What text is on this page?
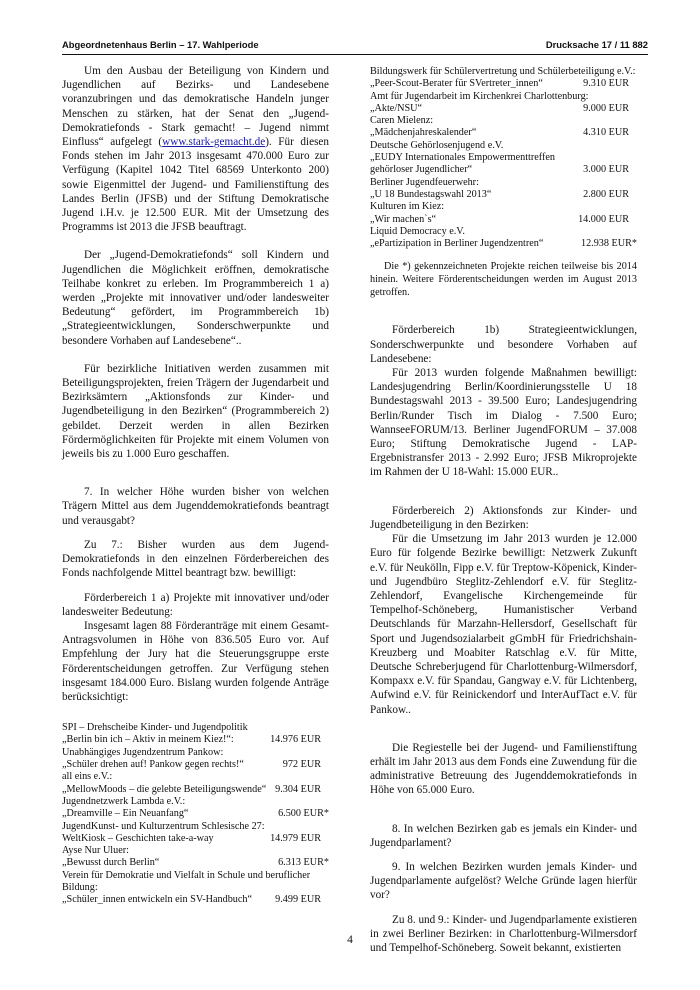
Abgeordnetenhaus Berlin – 17. Wahlperiode	Drucksache 17 / 11 882

Um den Ausbau der Beteiligung von Kindern und Jugendlichen auf Bezirks- und Landesebene voranzubringen und das demokratische Handeln junger Menschen zu stärken, hat der Senat den „Jugend-Demokratiefonds - Stark gemacht! – Jugend nimmt Einfluss“ aufgelegt (www.stark-gemacht.de). Für diesen Fonds stehen im Jahr 2013 insgesamt 470.000 Euro zur Verfügung (Kapitel 1042 Titel 68569 Unterkonto 200) sowie Eigenmittel der Jugend- und Familienstiftung des Landes Berlin (JFSB) und der Stiftung Demokratische Jugend i.H.v. je 12.500 EUR. Mit der Umsetzung des Programms ist 2013 die JFSB beauftragt.

Der „Jugend-Demokratiefonds“ soll Kindern und Jugendlichen die Möglichkeit eröffnen, demokratische Teilhabe konkret zu erleben. Im Programmbereich 1 a) werden „Projekte mit innovativer und/oder landesweiter Bedeutung“ gefördert, im Programmbereich 1b) „Strategieentwicklungen, Sonderschwerpunkte und besondere Vorhaben auf Landesebene“..

Für bezirkliche Initiativen werden zusammen mit Beteiligungsprojekten, freien Trägern der Jugendarbeit und Bezirksämtern „Aktionsfonds zur Kinder- und Jugendbeteiligung in den Bezirken“ (Programmbereich 2) gebildet. Derzeit werden in allen Bezirken Fördermöglichkeiten für Projekte mit einem Volumen von jeweils bis zu 1.000 Euro geschaffen.

7. In welcher Höhe wurden bisher von welchen Trägern Mittel aus dem Jugenddemokratiefonds beantragt und verausgabt?

Zu 7.: Bisher wurden aus dem Jugend-Demokratiefonds in den einzelnen Förderbereichen des Fonds nachfolgende Mittel beantragt bzw. bewilligt:

Förderbereich 1 a) Projekte mit innovativer und/oder landesweiter Bedeutung:

Insgesamt lagen 88 Förderanträge mit einem Gesamt-Antragsvolumen in Höhe von 836.505 Euro vor. Auf Empfehlung der Jury hat die Steuerungsgruppe erste Förderentscheidungen getroffen. Zur Verfügung stehen insgesamt 184.000 Euro. Bislang wurden folgende Anträge berücksichtigt:

SPI – Drehscheibe Kinder- und Jugendpolitik
„Berlin bin ich – Aktiv in meinem Kiez!“:	14.976 EUR
Unabhängiges Jugendzentrum Pankow:
„Schüler drehen auf! Pankow gegen rechts!“	972 EUR
all eins e.V.:
„MellowMoods – die gelebte Beteiligungswende“ 9.304 EUR
Jugendnetzwerk Lambda e.V.:
„Dreamville – Ein Neuanfang“	6.500 EUR*
JugendKunst- und Kulturzentrum Schlesische 27:
WeltKiosk – Geschichten take-a-way	14.979 EUR
Ayse Nur Uluer:
„Bewusst durch Berlin“	6.313 EUR*
Verein für Demokratie und Vielfalt in Schule und beruflicher Bildung:
„Schüler_innen entwickeln ein SV-Handbuch“ 9.499 EUR
Bildungswerk für Schülervertretung und Schülerbeteiligung e.V.:
„Peer-Scout-Berater für SVertreter_innen“	9.310 EUR
Amt für Jugendarbeit im Kirchenkrei Charlottenburg:
„Akte/NSU“	9.000 EUR
Caren Mielenz:
„Mädchenjahreskalender“	4.310 EUR
Deutsche Gehörlosenjugend e.V.
„EUDY Internationales Empowermenttreffen gehörloser Jugendlicher“	3.000 EUR
Berliner Jugendfeuerwehr:
„U 18 Bundestagswahl 2013“	2.800 EUR
Kulturen im Kiez:
„Wir machen`s“	14.000 EUR
Liquid Democracy e.V.
„ePartizipation in Berliner Jugendzentren“	12.938 EUR*

Die *) gekennzeichneten Projekte reichen teilweise bis 2014 hinein. Weitere Förderentscheidungen werden im August 2013 getroffen.

Förderbereich 1b) Strategieentwicklungen, Sonderschwerpunkte und besondere Vorhaben auf Landesebene:

Für 2013 wurden folgende Maßnahmen bewilligt: Landesjugendring Berlin/Koordinierungsstelle U 18 Bundestagswahl 2013 - 39.500 Euro; Landesjugendring Berlin/Runder Tisch im Dialog - 7.500 Euro; WannseeFORUM/13. Berliner JugendFORUM – 37.008 Euro; Stiftung Demokratische Jugend - LAP-Ergebnistransfer 2013 - 2.992 Euro; JFSB Mikroprojekte im Rahmen der U 18-Wahl: 15.000 EUR..

Förderbereich 2) Aktionsfonds zur Kinder- und Jugendbeteiligung in den Bezirken:

Für die Umsetzung im Jahr 2013 wurden je 12.000 Euro für folgende Bezirke bewilligt: Netzwerk Zukunft e.V. für Neukölln, Fipp e.V. für Treptow-Köpenick, Kinder- und Jugendbüro Steglitz-Zehlendorf e.V. für Steglitz-Zehlendorf, Evangelische Kirchengemeinde für Tempelhof-Schöneberg, Humanistischer Verband Deutschlands für Marzahn-Hellersdorf, Gesellschaft für Sport und Jugendsozialarbeit gGmbH für Friedrichshain-Kreuzberg und Moabiter Ratschlag e.V. für Mitte, Deutsche Schreberjugend für Charlottenburg-Wilmersdorf, Kompaxx e.V. für Spandau, Gangway e.V. für Lichtenberg, Aufwind e.V. für Reinickendorf und InterAufTact e.V. für Pankow..

Die Regiestelle bei der Jugend- und Familienstiftung erhält im Jahr 2013 aus dem Fonds eine Zuwendung für die administrative Betreuung des Jugenddemokratiefonds in Höhe von 65.000 Euro.

8. In welchen Bezirken gab es jemals ein Kinder- und Jugendparlament?

9. In welchen Bezirken wurden jemals Kinder- und Jugendparlamente aufgelöst? Welche Gründe lagen hierfür vor?

Zu 8. und 9.: Kinder- und Jugendparlamente existieren in zwei Berliner Bezirken: in Charlottenburg-Wilmersdorf und Tempelhof-Schöneberg. Soweit bekannt, existierten

4
